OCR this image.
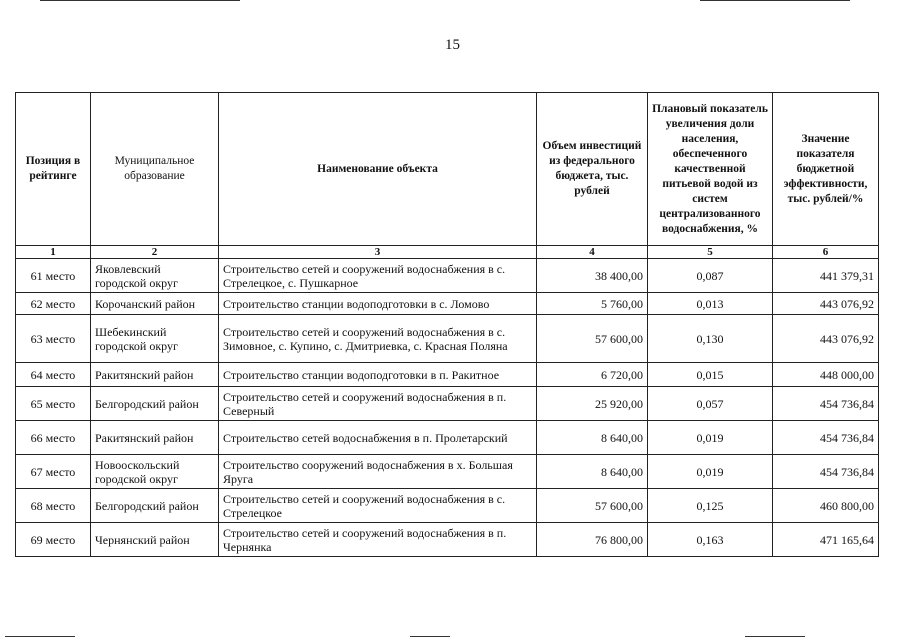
15
Позиция в рейтинге	Муниципальное образование	Наименование объекта	Объем инвестиций из федерального бюджета, тыс. рублей	Плановый показатель увеличения доли населения, обеспеченного качественной питьевой водой из систем централизованного водоснабжения, %	Значение показателя бюджетной эффективности, тыс. рублей/%
1	2	3	4	5	6
61 место	Яковлевский городской округ	Строительство сетей и сооружений водоснабжения в с. Стрелецкое, с. Пушкарное	38 400,00	0,087	441 379,31
62 место	Корочанский район	Строительство станции водоподготовки в с. Ломово	5 760,00	0,013	443 076,92
63 место	Шебекинский городской округ	Строительство сетей и сооружений водоснабжения в с. Зимовное, с. Купино, с. Дмитриевка, с. Красная Поляна	57 600,00	0,130	443 076,92
64 место	Ракитянский район	Строительство станции водоподготовки в п. Ракитное	6 720,00	0,015	448 000,00
65 место	Белгородский район	Строительство сетей и сооружений водоснабжения в п. Северный	25 920,00	0,057	454 736,84
66 место	Ракитянский район	Строительство сетей водоснабжения в п. Пролетарский	8 640,00	0,019	454 736,84
67 место	Новооскольский городской округ	Строительство сооружений водоснабжения в х. Большая Яруга	8 640,00	0,019	454 736,84
68 место	Белгородский район	Строительство сетей и сооружений водоснабжения в с. Стрелецкое	57 600,00	0,125	460 800,00
69 место	Чернянский район	Строительство сетей и сооружений водоснабжения в п. Чернянка	76 800,00	0,163	471 165,64
